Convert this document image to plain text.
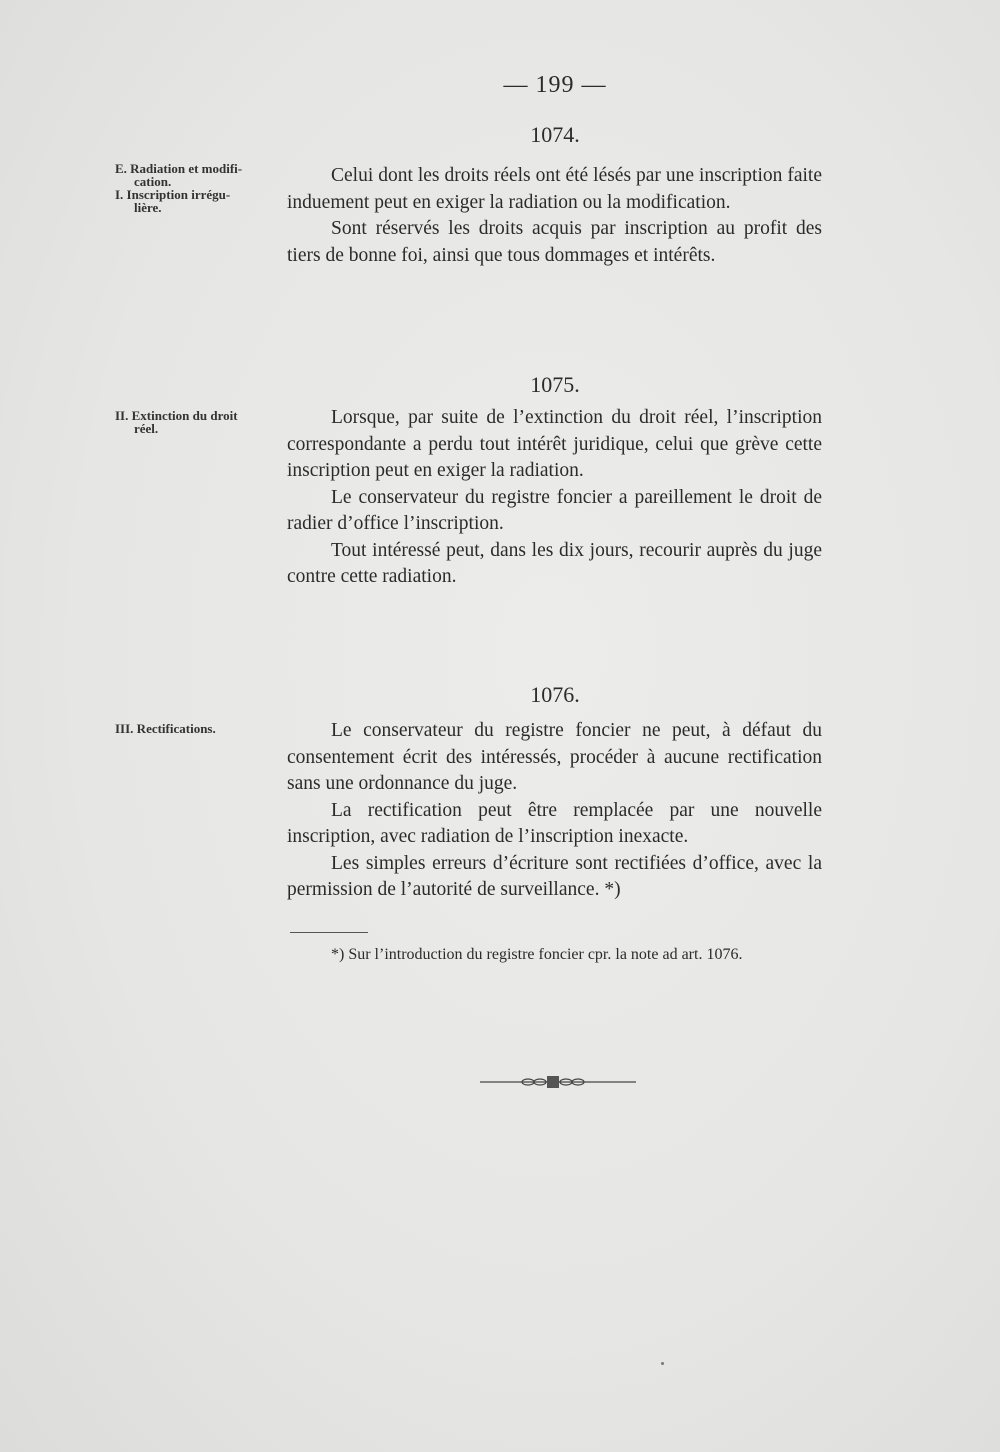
— 199 —
1074.
E. Radiation et modifi-
cation.
I. Inscription irrégu-
lière.

Celui dont les droits réels ont été lésés par une inscription faite induement peut en exiger la radiation ou la modification.

Sont réservés les droits acquis par inscription au profit des tiers de bonne foi, ainsi que tous dommages et intérêts.

1075.
II. Extinction du droit
réel.

Lorsque, par suite de l’extinction du droit réel, l’inscription correspondante a perdu tout intérêt juridique, celui que grève cette inscription peut en exiger la radiation.

Le conservateur du registre foncier a pareillement le droit de radier d’office l’inscription.

Tout intéressé peut, dans les dix jours, recourir auprès du juge contre cette radiation.

1076.
III. Rectifications.	Le conservateur du registre foncier ne peut, à défaut du consentement écrit des intéressés, procéder à aucune rectification sans une ordonnance du juge.

La rectification peut être remplacée par une nouvelle inscription, avec radiation de l’inscription inexacte.

Les simples erreurs d’écriture sont rectifiées d’office, avec la permission de l’autorité de surveillance. *)

*) Sur l’introduction du registre foncier cpr. la note ad art. 1076.
